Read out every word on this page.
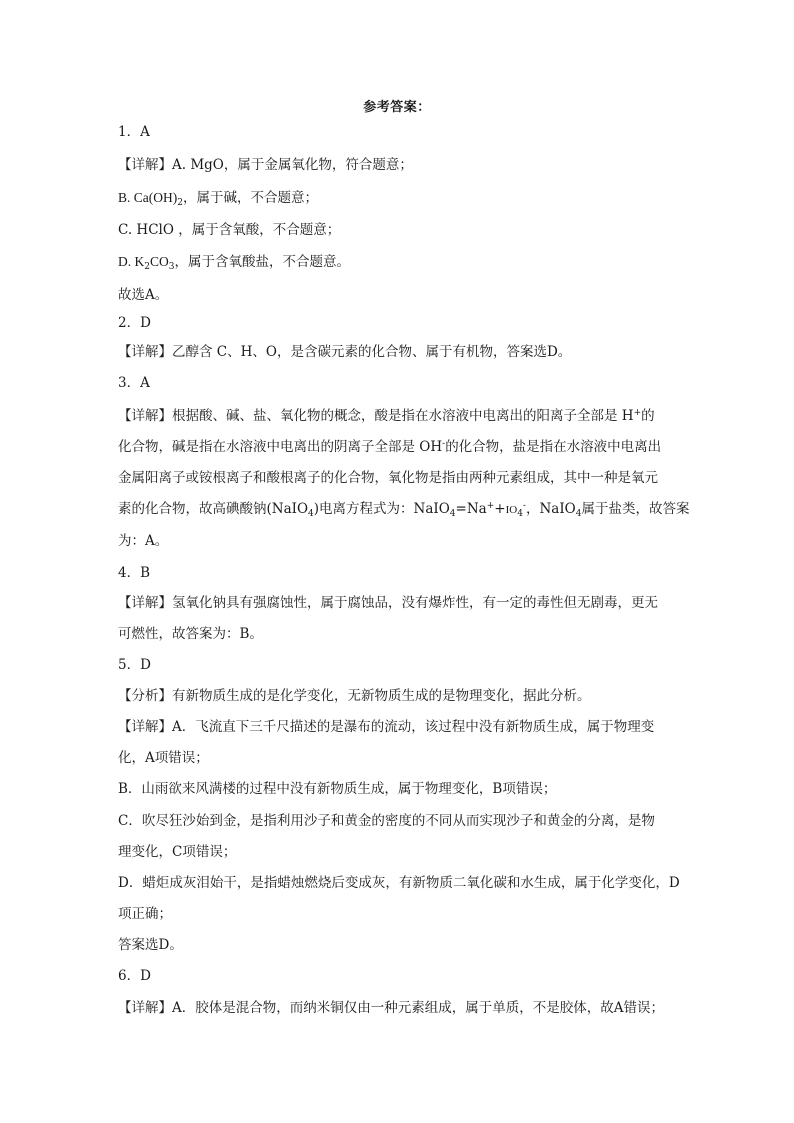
参考答案：
1．A
【详解】A. MgO，属于金属氧化物，符合题意；
B. $Ca(OH)_2$，属于碱，不合题意；
C. HClO ，属于含氧酸，不合题意；
D. $K_2CO_3$，属于含氧酸盐，不合题意。
故选A。
2．D
【详解】乙醇含 C、H、O，是含碳元素的化合物、属于有机物，答案选D。
3．A
【详解】根据酸、碱、盐、氧化物的概念，酸是指在水溶液中电离出的阳离子全部是 H+的
化合物，碱是指在水溶液中电离出的阴离子全部是 OH-的化合物，盐是指在水溶液中电离出
金属阳离子或铵根离子和酸根离子的化合物，氧化物是指由两种元素组成，其中一种是氧元
素的化合物，故高碘酸钠(NaIO$_4$)电离方程式为：$NaIO_4=Na^++IO_4^-$，NaIO$_4$属于盐类，故答案
为：A。
4．B
【详解】氢氧化钠具有强腐蚀性，属于腐蚀品，没有爆炸性，有一定的毒性但无剧毒，更无
可燃性，故答案为：B。
5．D
【分析】有新物质生成的是化学变化，无新物质生成的是物理变化，据此分析。
【详解】A．飞流直下三千尺描述的是瀑布的流动，该过程中没有新物质生成，属于物理变
化，A项错误；
B．山雨欲来风满楼的过程中没有新物质生成，属于物理变化，B项错误；
C．吹尽狂沙始到金，是指利用沙子和黄金的密度的不同从而实现沙子和黄金的分离，是物
理变化，C项错误；
D．蜡炬成灰泪始干，是指蜡烛燃烧后变成灰，有新物质二氧化碳和水生成，属于化学变化，D
项正确；
答案选D。
6．D
【详解】A．胶体是混合物，而纳米铜仅由一种元素组成，属于单质，不是胶体，故A错误；
